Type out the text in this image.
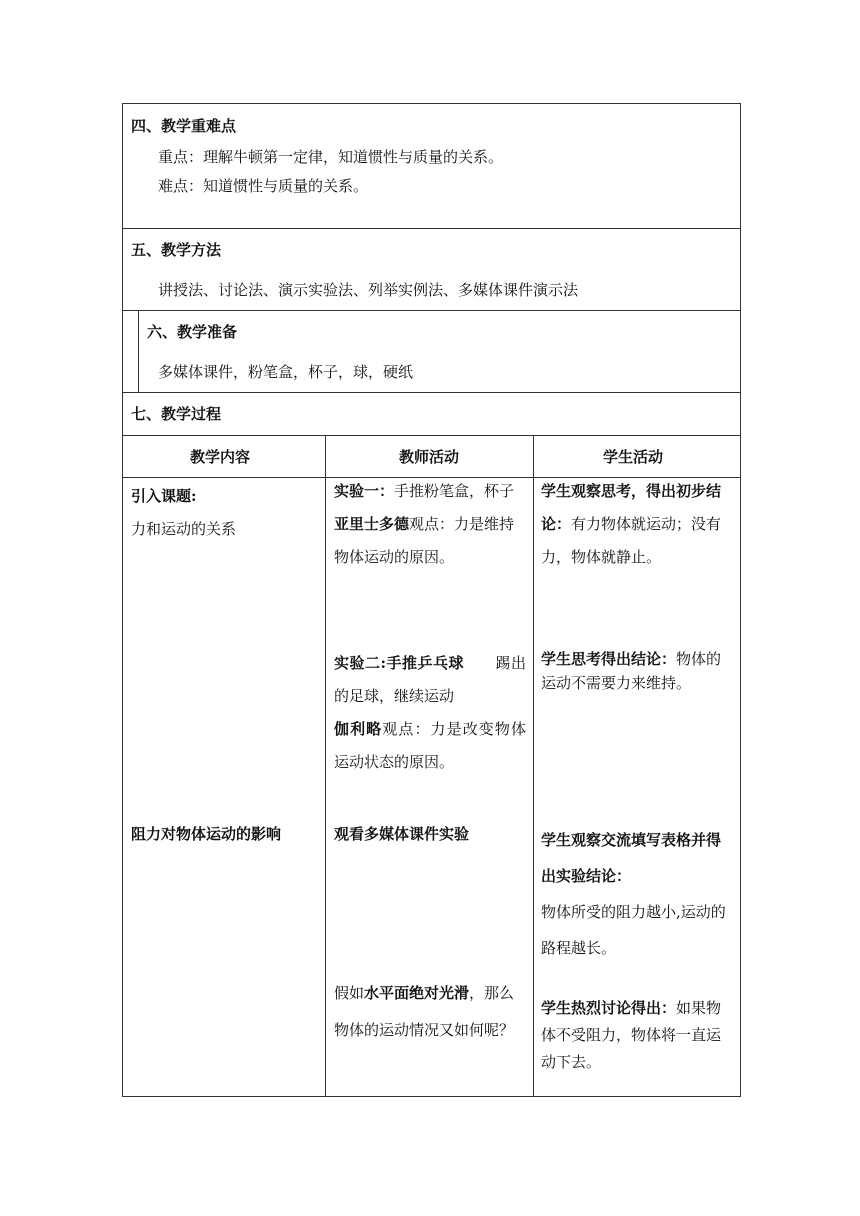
四、教学重难点
重点：理解牛顿第一定律，知道惯性与质量的关系。
难点：知道惯性与质量的关系。
五、教学方法
讲授法、讨论法、演示实验法、列举实例法、多媒体课件演示法
六、教学准备
多媒体课件，粉笔盒，杯子，球，硬纸
七、教学过程
教学内容	教师活动	学生活动
引入课题:
力和运动的关系
阻力对物体运动的影响

实验一：手推粉笔盒，杯子

亚里士多德观点：力是维持物体运动的原因。

实验二:手推乒乓球 踢出的足球，继续运动

伽利略观点：力是改变物体运动状态的原因。

观看多媒体课件实验

假如水平面绝对光滑，那么物体的运动情况又如何呢？

学生观察思考，得出初步结论：有力物体就运动；没有力，物体就静止。

学生思考得出结论：物体的运动不需要力来维持。

学生观察交流填写表格并得出实验结论：

物体所受的阻力越小,运动的路程越长。

学生热烈讨论得出：如果物体不受阻力，物体将一直运动下去。
